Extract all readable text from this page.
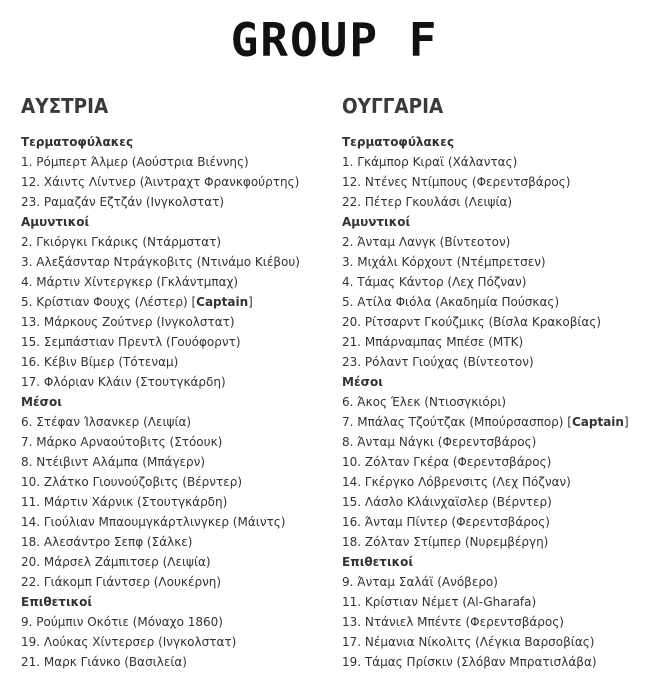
GROUP F
ΑΥΣΤΡΙΑ
Τερματοφύλακες
1. Ρόμπερτ Άλμερ (Αούστρια Βιέννης)
12. Χάιντς Λίντνερ (Άιντραχτ Φρανκφούρτης)
23. Ραμαζάν Εζτζάν (Ινγκολστατ)
Αμυντικοί
2. Γκιόργκι Γκάρικς (Ντάρμστατ)
3. Αλεξάσνταρ Ντράγκοβιτς (Ντινάμο Κιέβου)
4. Μάρτιν Χίντεργκερ (Γκλάντμπαχ)
5. Κρίστιαν Φουχς (Λέστερ) [Captain]
13. Μάρκους Ζούτνερ (Ινγκολστατ)
15. Σεμπάστιαν Πρεντλ (Γουόφορντ)
16. Κέβιν Βίμερ (Τότεναμ)
17. Φλόριαν Κλάιν (Στουτγκάρδη)
Μέσοι
6. Στέφαν Ίλσανκερ (Λειψία)
7. Μάρκο Αρναούτοβιτς (Στόουκ)
8. Ντέιβιντ Αλάμπα (Μπάγερν)
10. Ζλάτκο Γιουνούζοβιτς (Βέρντερ)
11. Μάρτιν Χάρνικ (Στουτγκάρδη)
14. Γιούλιαν Μπαουμγκάρτλινγκερ (Μάιντς)
18. Αλεσάντρο Σεπφ (Σάλκε)
20. Μάρσελ Ζάμπιτσερ (Λειψία)
22. Γιάκομπ Γιάντσερ (Λουκέρνη)
Επιθετικοί
9. Ρούμπιν Οκότιε (Μόναχο 1860)
19. Λούκας Χίντερσερ (Ινγκολστατ)
21. Μαρκ Γιάνκο (Βασιλεία)
ΟΥΓΓΑΡΙΑ
Τερματοφύλακες
1. Γκάμπορ Κιραϊ (Χάλαντας)
12. Ντένες Ντίμπους (Φερεντσβάρος)
22. Πέτερ Γκουλάσι (Λειψία)
Αμυντικοί
2. Άνταμ Λανγκ (Βίντεοτον)
3. Μιχάλι Κόρχουτ (Ντέμπρετσεν)
4. Τάμας Κάντορ (Λεχ Πόζναν)
5. Ατίλα Φιόλα (Ακαδημία Πούσκας)
20. Ρίτσαρντ Γκούζμικς (Βίσλα Κρακοβίας)
21. Μπάρναμπας Μπέσε (ΜΤΚ)
23. Ρόλαντ Γιούχας (Βίντεοτον)
Μέσοι
6. Άκος Έλεκ (Ντιοσγκιόρι)
7. Μπάλας Τζούτζακ (Μπούρσασπορ) [Captain]
8. Άνταμ Νάγκι (Φερεντσβάρος)
10. Ζόλταν Γκέρα (Φερεντσβάρος)
14. Γκέργκο Λόβρενσιτς (Λεχ Πόζναν)
15. Λάσλο Κλάινχαϊσλερ (Βέρντερ)
16. Άνταμ Πίντερ (Φερεντσβάρος)
18. Ζόλταν Στίμπερ (Νυρεμβέργη)
Επιθετικοί
9. Άνταμ Σαλάϊ (Ανόβερο)
11. Κρίστιαν Νέμετ (Al-Gharafa)
13. Ντάνιελ Μπέντε (Φερεντσβάρος)
17. Νέμανια Νίκολιτς (Λέγκια Βαρσοβίας)
19. Τάμας Πρίσκιν (Σλόβαν Μπρατισλάβα)
